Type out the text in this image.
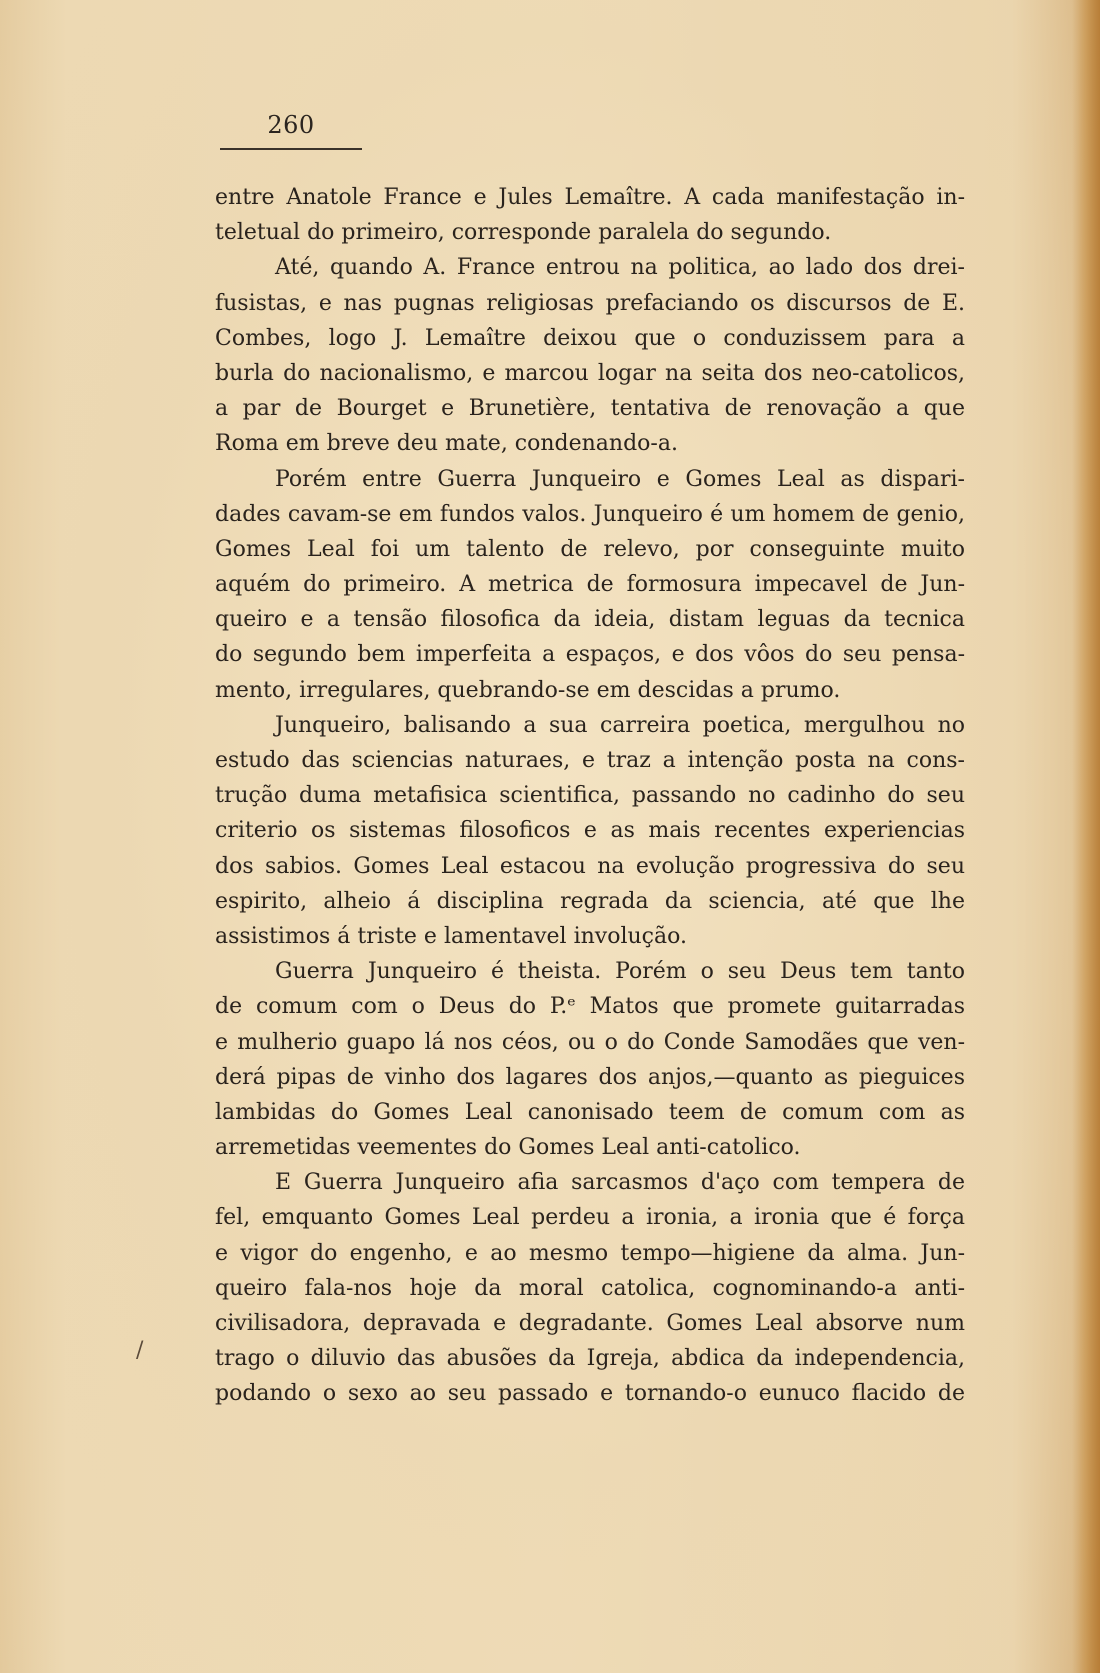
260
/
entre Anatole France e Jules Lemaître. A cada manifestação in-
teletual do primeiro, corresponde paralela do segundo.
Até, quando A. France entrou na politica, ao lado dos drei-
fusistas, e nas pugnas religiosas prefaciando os discursos de E.
Combes, logo J. Lemaître deixou que o conduzissem para a
burla do nacionalismo, e marcou logar na seita dos neo-catolicos,
a par de Bourget e Brunetière, tentativa de renovação a que
Roma em breve deu mate, condenando-a.
Porém entre Guerra Junqueiro e Gomes Leal as dispari-
dades cavam-se em fundos valos. Junqueiro é um homem de genio,
Gomes Leal foi um talento de relevo, por conseguinte muito
aquém do primeiro. A metrica de formosura impecavel de Jun-
queiro e a tensão filosofica da ideia, distam leguas da tecnica
do segundo bem imperfeita a espaços, e dos vôos do seu pensa-
mento, irregulares, quebrando-se em descidas a prumo.
Junqueiro, balisando a sua carreira poetica, mergulhou no
estudo das sciencias naturaes, e traz a intenção posta na cons-
trução duma metafisica scientifica, passando no cadinho do seu
criterio os sistemas filosoficos e as mais recentes experiencias
dos sabios. Gomes Leal estacou na evolução progressiva do seu
espirito, alheio á disciplina regrada da sciencia, até que lhe
assistimos á triste e lamentavel involução.
Guerra Junqueiro é theista. Porém o seu Deus tem tanto
de comum com o Deus do P.ᵉ Matos que promete guitarradas
e mulherio guapo lá nos céos, ou o do Conde Samodães que ven-
derá pipas de vinho dos lagares dos anjos,—quanto as pieguices
lambidas do Gomes Leal canonisado teem de comum com as
arremetidas veementes do Gomes Leal anti-catolico.
E Guerra Junqueiro afia sarcasmos d'aço com tempera de
fel, emquanto Gomes Leal perdeu a ironia, a ironia que é força
e vigor do engenho, e ao mesmo tempo—higiene da alma. Jun-
queiro fala-nos hoje da moral catolica, cognominando-a anti-
civilisadora, depravada e degradante. Gomes Leal absorve num
trago o diluvio das abusões da Igreja, abdica da independencia,
podando o sexo ao seu passado e tornando-o eunuco flacido de
